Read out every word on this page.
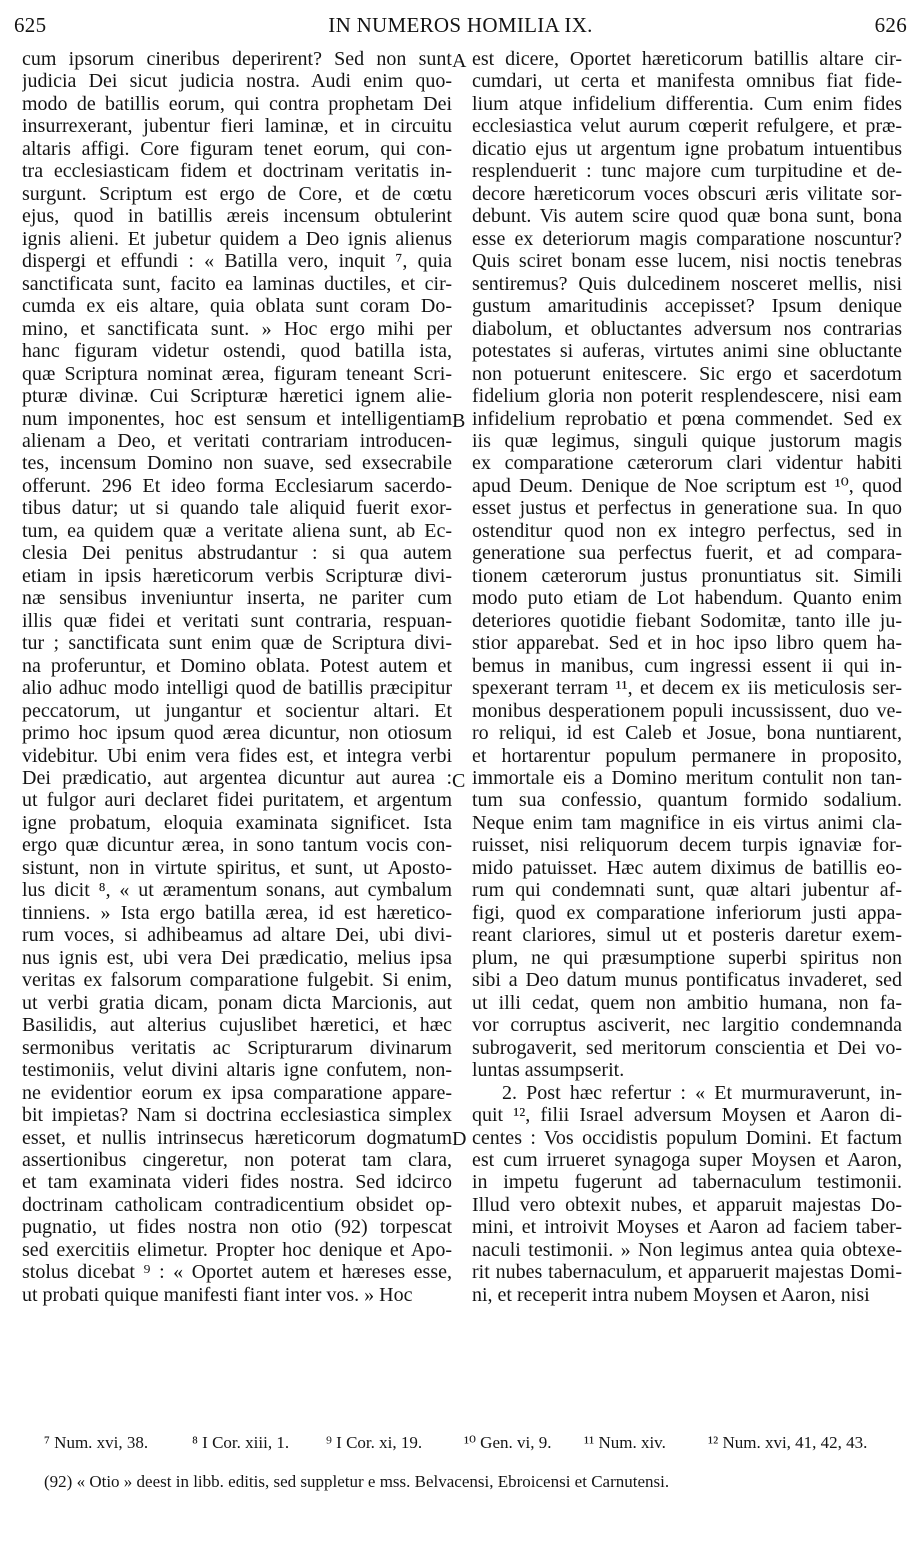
IN NUMEROS HOMILIA IX.
625	626
A
B
C
D
cum ipsorum cineribus deperirent? Sed non sunt
judicia Dei sicut judicia nostra. Audi enim quo-
modo de batillis eorum, qui contra prophetam Dei
insurrexerant, jubentur fieri laminæ, et in circuitu
altaris affigi. Core figuram tenet eorum, qui con-
tra ecclesiasticam fidem et doctrinam veritatis in-
surgunt. Scriptum est ergo de Core, et de cœtu
ejus, quod in batillis æreis incensum obtulerint
ignis alieni. Et jubetur quidem a Deo ignis alienus
dispergi et effundi : « Batilla vero, inquit ⁷, quia
sanctificata sunt, facito ea laminas ductiles, et cir-
cumda ex eis altare, quia oblata sunt coram Do-
mino, et sanctificata sunt. » Hoc ergo mihi per
hanc figuram videtur ostendi, quod batilla ista,
quæ Scriptura nominat ærea, figuram teneant Scri-
pturæ divinæ. Cui Scripturæ hæretici ignem alie-
num imponentes, hoc est sensum et intelligentiam
alienam a Deo, et veritati contrariam introducen-
tes, incensum Domino non suave, sed exsecrabile
offerunt. 296 Et ideo forma Ecclesiarum sacerdo-
tibus datur; ut si quando tale aliquid fuerit exor-
tum, ea quidem quæ a veritate aliena sunt, ab Ec-
clesia Dei penitus abstrudantur : si qua autem
etiam in ipsis hæreticorum verbis Scripturæ divi-
næ sensibus inveniuntur inserta, ne pariter cum
illis quæ fidei et veritati sunt contraria, respuan-
tur ; sanctificata sunt enim quæ de Scriptura divi-
na proferuntur, et Domino oblata. Potest autem et
alio adhuc modo intelligi quod de batillis præcipitur
peccatorum, ut jungantur et socientur altari. Et
primo hoc ipsum quod ærea dicuntur, non otiosum
videbitur. Ubi enim vera fides est, et integra verbi
Dei prædicatio, aut argentea dicuntur aut aurea :
ut fulgor auri declaret fidei puritatem, et argentum
igne probatum, eloquia examinata significet. Ista
ergo quæ dicuntur ærea, in sono tantum vocis con-
sistunt, non in virtute spiritus, et sunt, ut Aposto-
lus dicit ⁸, « ut æramentum sonans, aut cymbalum
tinniens. » Ista ergo batilla ærea, id est hæretico-
rum voces, si adhibeamus ad altare Dei, ubi divi-
nus ignis est, ubi vera Dei prædicatio, melius ipsa
veritas ex falsorum comparatione fulgebit. Si enim,
ut verbi gratia dicam, ponam dicta Marcionis, aut
Basilidis, aut alterius cujuslibet hæretici, et hæc
sermonibus veritatis ac Scripturarum divinarum
testimoniis, velut divini altaris igne confutem, non-
ne evidentior eorum ex ipsa comparatione appare-
bit impietas? Nam si doctrina ecclesiastica simplex
esset, et nullis intrinsecus hæreticorum dogmatum
assertionibus cingeretur, non poterat tam clara,
et tam examinata videri fides nostra. Sed idcirco
doctrinam catholicam contradicentium obsidet op-
pugnatio, ut fides nostra non otio (92) torpescat
sed exercitiis elimetur. Propter hoc denique et Apo-
stolus dicebat ⁹ : « Oportet autem et hæreses esse,
ut probati quique manifesti fiant inter vos. » Hoc
est dicere, Oportet hæreticorum batillis altare cir-
cumdari, ut certa et manifesta omnibus fiat fide-
lium atque infidelium differentia. Cum enim fides
ecclesiastica velut aurum cœperit refulgere, et præ-
dicatio ejus ut argentum igne probatum intuentibus
resplenduerit : tunc majore cum turpitudine et de-
decore hæreticorum voces obscuri æris vilitate sor-
debunt. Vis autem scire quod quæ bona sunt, bona
esse ex deteriorum magis comparatione noscuntur?
Quis sciret bonam esse lucem, nisi noctis tenebras
sentiremus? Quis dulcedinem nosceret mellis, nisi
gustum amaritudinis accepisset? Ipsum denique
diabolum, et obluctantes adversum nos contrarias
potestates si auferas, virtutes animi sine obluctante
non potuerunt enitescere. Sic ergo et sacerdotum
fidelium gloria non poterit resplendescere, nisi eam
infidelium reprobatio et pœna commendet. Sed ex
iis quæ legimus, singuli quique justorum magis
ex comparatione cæterorum clari videntur habiti
apud Deum. Denique de Noe scriptum est ¹⁰, quod
esset justus et perfectus in generatione sua. In quo
ostenditur quod non ex integro perfectus, sed in
generatione sua perfectus fuerit, et ad compara-
tionem cæterorum justus pronuntiatus sit. Simili
modo puto etiam de Lot habendum. Quanto enim
deteriores quotidie fiebant Sodomitæ, tanto ille ju-
stior apparebat. Sed et in hoc ipso libro quem ha-
bemus in manibus, cum ingressi essent ii qui in-
spexerant terram ¹¹, et decem ex iis meticulosis ser-
monibus desperationem populi incussissent, duo ve-
ro reliqui, id est Caleb et Josue, bona nuntiarent,
et hortarentur populum permanere in proposito,
immortale eis a Domino meritum contulit non tan-
tum sua confessio, quantum formido sodalium.
Neque enim tam magnifice in eis virtus animi cla-
ruisset, nisi reliquorum decem turpis ignaviæ for-
mido patuisset. Hæc autem diximus de batillis eo-
rum qui condemnati sunt, quæ altari jubentur af-
figi, quod ex comparatione inferiorum justi appa-
reant clariores, simul ut et posteris daretur exem-
plum, ne qui præsumptione superbi spiritus non
sibi a Deo datum munus pontificatus invaderet, sed
ut illi cedat, quem non ambitio humana, non fa-
vor corruptus asciverit, nec largitio condemnanda
subrogaverit, sed meritorum conscientia et Dei vo-
luntas assumpserit.
2. Post hæc refertur : « Et murmuraverunt, in-
quit ¹², filii Israel adversum Moysen et Aaron di-
centes : Vos occidistis populum Domini. Et factum
est cum irrueret synagoga super Moysen et Aaron,
in impetu fugerunt ad tabernaculum testimonii.
Illud vero obtexit nubes, et apparuit majestas Do-
mini, et introivit Moyses et Aaron ad faciem taber-
naculi testimonii. » Non legimus antea quia obtexe-
rit nubes tabernaculum, et apparuerit majestas Domi-
ni, et receperit intra nubem Moysen et Aaron, nisi
⁷ Num. xvi, 38.	⁸ I Cor. xiii, 1. ⁹ I Cor. xi, 19. ¹⁰ Gen. vi, 9. ¹¹ Num. xiv. ¹² Num. xvi, 41, 42, 43.
(92) « Otio » deest in libb. editis, sed suppletur e mss. Belvacensi, Ebroicensi et Carnutensi.
